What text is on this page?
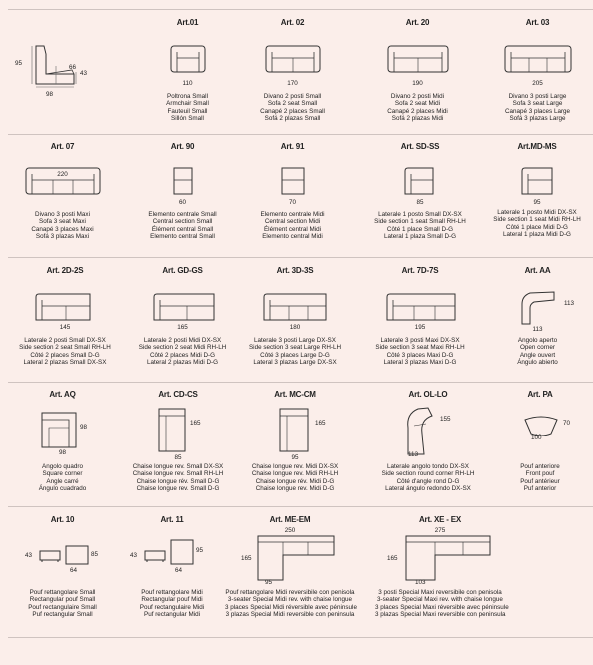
95
98
66
43
Art.01
110
Poltrona Small
Armchair Small
Fauteuil Small
Sillón Small
Art. 02
170
Divano 2 posti Small
Sofa 2 seat Small
Canapé 2 places Small
Sofá 2 plazas Small
Art. 20
190
Divano 2 posti Midi
Sofa 2 seat Midi
Canapé 2 places Midi
Sofá 2 plazas Midi
Art. 03
205
Divano 3 posti Large
Sofa 3 seat Large
Canapé 3 places Large
Sofá 3 plazas Large
Art. 07
220
Divano 3 posti Maxi
Sofa 3 seat Maxi
Canapé 3 places Maxi
Sofá 3 plazas Maxi
Art. 90
60
Elemento centrale Small
Central section Small
Élément central Small
Elemento central Small
Art. 91
70
Elemento centrale Midi
Central section Midi
Élément central Midi
Elemento central Midi
Art. SD-SS
85
Laterale 1 posto Small DX-SX
Side section 1 seat Small RH-LH
Côté 1 place Small D-G
Lateral 1 plaza Small D-G
Art.MD-MS
95
Laterale 1 posto Midi DX-SX
Side section 1 seat Midi RH-LH
Côté 1 place Midi D-G
Lateral 1 plaza Midi D-G
Art. 2D-2S
145
Laterale 2 posti Small DX-SX
Side section 2 seat Small RH-LH
Côté 2 places Small D-G
Lateral 2 plazas Small DX-SX
Art. GD-GS
165
Laterale 2 posti Midi DX-SX
Side section 2 seat Midi RH-LH
Côté 2 places Midi D-G
Lateral 2 plazas Midi D-G
Art. 3D-3S
180
Laterale 3 posti Large DX-SX
Side section 3 seat Large RH-LH
Côté 3 places Large D-G
Lateral 3 plazas Large DX-SX
Art. 7D-7S
195
Laterale 3 posti Maxi DX-SX
Side section 3 seat Maxi RH-LH
Côté 3 places Maxi D-G
Lateral 3 plazas Maxi D-G
Art. AA
113
113
Angolo aperto
Open corner
Angle ouvert
Ángulo abierto
Art. AQ
98
98
Angolo quadro
Square corner
Angle carré
Ángulo cuadrado
Art. CD-CS
165
85
Chaise longue rev. Small DX-SX
Chaise longue rev. Small RH-LH
Chaise longue rév. Small D-G
Chaise longue rev. Small D-G
Art. MC-CM
165
95
Chaise longue rev. Midi DX-SX
Chaise longue rev. Midi RH-LH
Chaise longue rév. Midi D-G
Chaise longue rev. Midi D-G
Art. OL-LO
155
113
Laterale angolo tondo DX-SX
Side section round corner RH-LH
Côté d'angle rond D-G
Lateral ángulo redondo DX-SX
Art. PA
70
100
Pouf anteriore
Front pouf
Pouf antérieur
Puf anterior
Art. 10
43	85
64
Pouf rettangolare Small
Rectangular pouf Small
Pouf rectangulaire Small
Puf rectangular Small
Art. 11
43
95
64
Pouf rettangolare Midi
Rectangular pouf Midi
Pouf rectangulaire Midi
Puf rectangular Midi
Art. ME-EM
250
165
95
Pouf rettangolare Midi reversibile con penisola
3-seater Special Midi rev. with chaise longue
3 places Special Midi réversible avec péninsule
3 plazas Special Midi reversible con peninsula
Art. XE - EX
275
165
103
3 posti Special Maxi reversibile con penisola
3-seater Special Maxi rev. with chaise longue
3 places Special Maxi réversible avec péninsule
3 plazas Special Maxi reversible con peninsula
